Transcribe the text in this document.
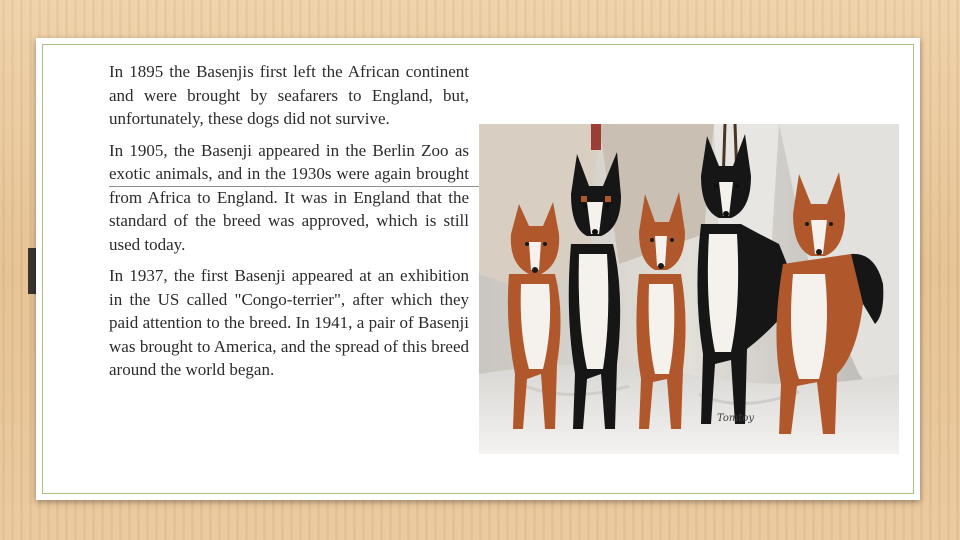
In 1895 the Basenjis first left the African continent and were brought by seafarers to England, but, unfortunately, these dogs did not survive.

In 1905, the Basenji appeared in the Berlin Zoo as exotic animals, and in the 1930s were again brought from Africa to England. It was in England that the standard of the breed was approved, which is still used today.

In 1937, the first Basenji appeared at an exhibition in the US called "Congo-terrier", after which they paid attention to the breed. In 1941, a pair of Basenji was brought to America, and the spread of this breed around the world began.

Tomtoy
